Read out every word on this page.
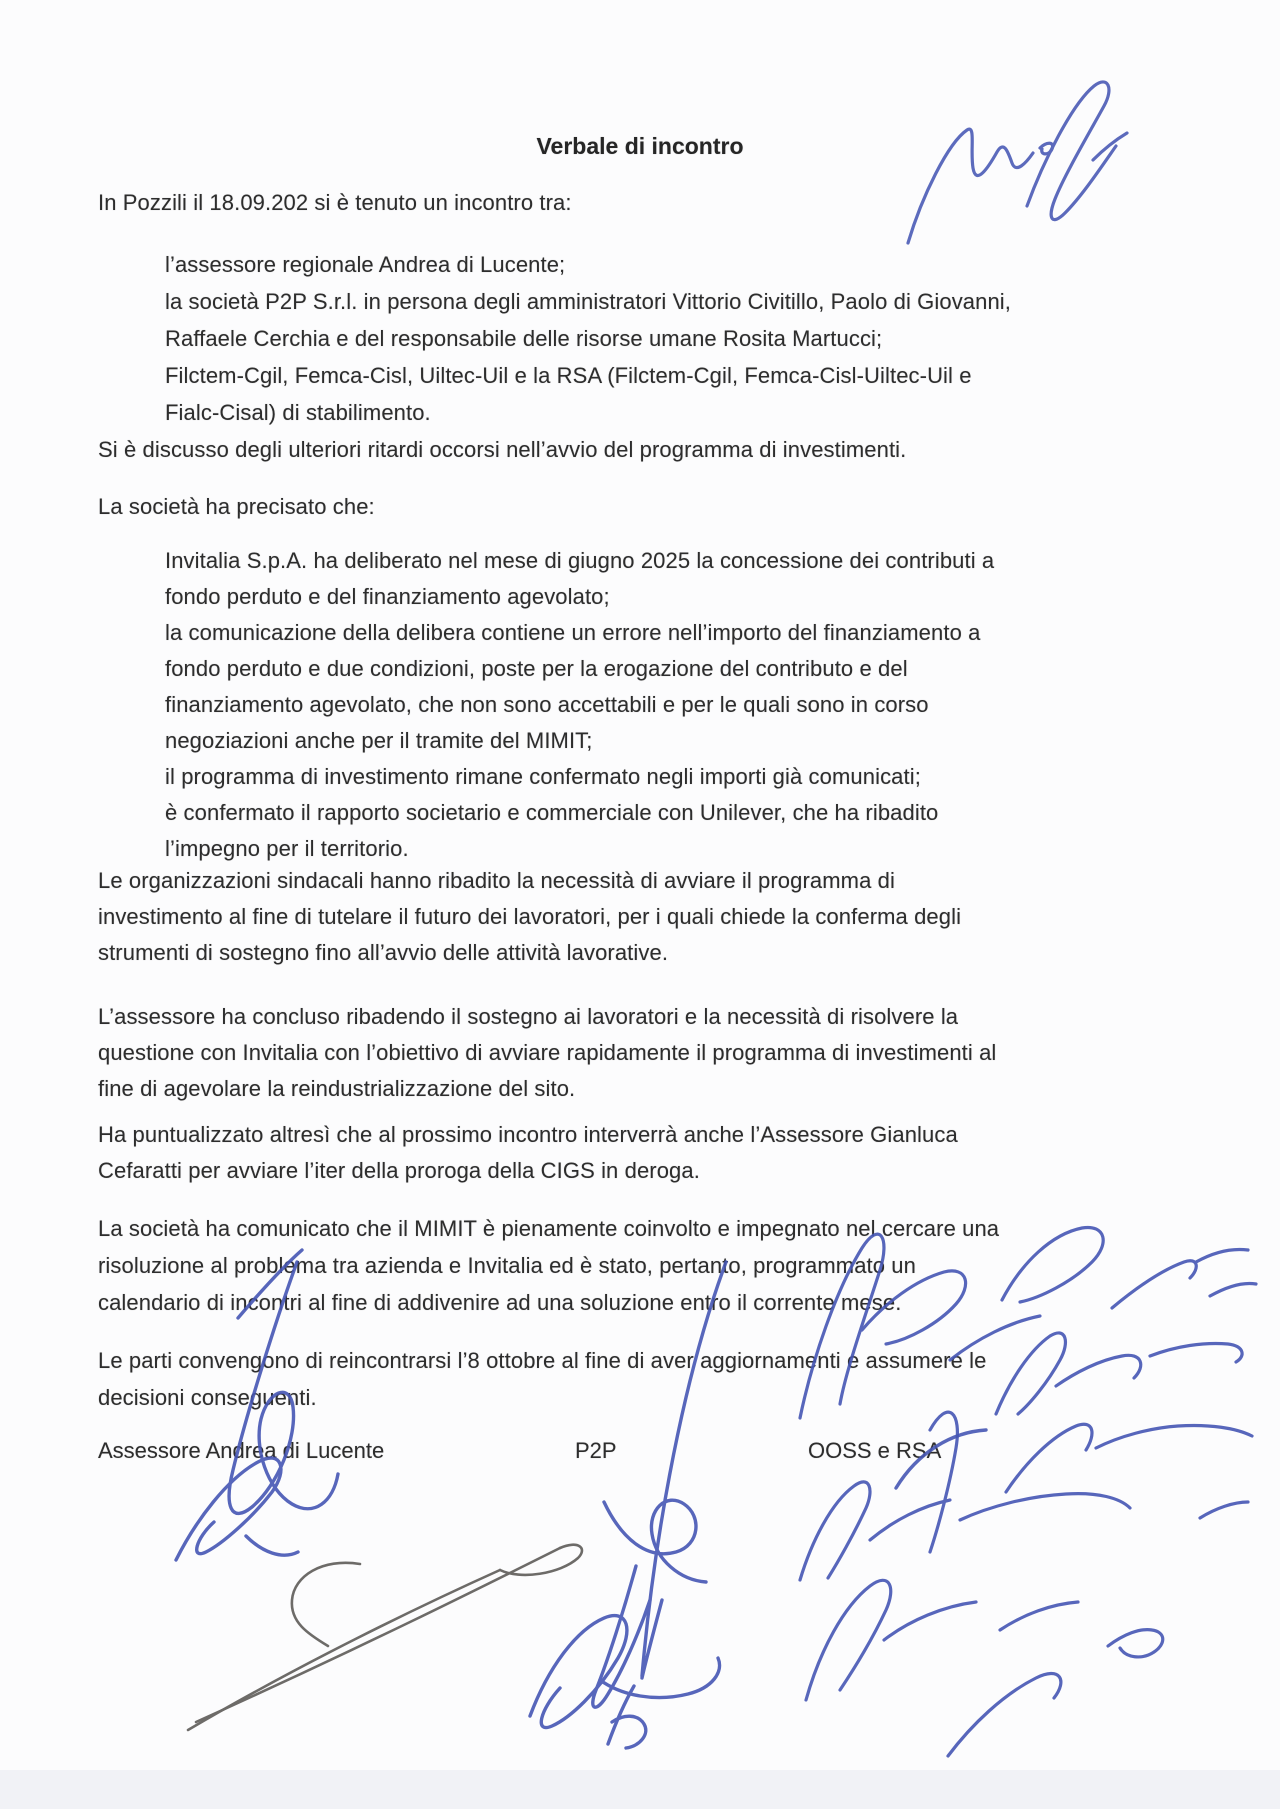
Verbale di incontro
In Pozzili il 18.09.202 si è tenuto un incontro tra:
l’assessore regionale Andrea di Lucente;
la società P2P S.r.l. in persona degli amministratori Vittorio Civitillo, Paolo di Giovanni,
Raffaele Cerchia e del responsabile delle risorse umane Rosita Martucci;
Filctem-Cgil, Femca-Cisl, Uiltec-Uil e la RSA (Filctem-Cgil, Femca-Cisl-Uiltec-Uil e
Fialc-Cisal) di stabilimento.
Si è discusso degli ulteriori ritardi occorsi nell’avvio del programma di investimenti.
La società ha precisato che:
Invitalia S.p.A. ha deliberato nel mese di giugno 2025 la concessione dei contributi a
fondo perduto e del finanziamento agevolato;
la comunicazione della delibera contiene un errore nell’importo del finanziamento a
fondo perduto e due condizioni, poste per la erogazione del contributo e del
finanziamento agevolato, che non sono accettabili e per le quali sono in corso
negoziazioni anche per il tramite del MIMIT;
il programma di investimento rimane confermato negli importi già comunicati;
è confermato il rapporto societario e commerciale con Unilever, che ha ribadito
l’impegno per il territorio.
Le organizzazioni sindacali hanno ribadito la necessità di avviare il programma di
investimento al fine di tutelare il futuro dei lavoratori, per i quali chiede la conferma degli
strumenti di sostegno fino all’avvio delle attività lavorative.
L’assessore ha concluso ribadendo il sostegno ai lavoratori e la necessità di risolvere la
questione con Invitalia con l’obiettivo di avviare rapidamente il programma di investimenti al
fine di agevolare la reindustrializzazione del sito.
Ha puntualizzato altresì che al prossimo incontro interverrà anche l’Assessore Gianluca
Cefaratti per avviare l’iter della proroga della CIGS in deroga.
La società ha comunicato che il MIMIT è pienamente coinvolto e impegnato nel cercare una
risoluzione al problema tra azienda e Invitalia ed è stato, pertanto, programmato un
calendario di incontri al fine di addivenire ad una soluzione entro il corrente mese.
Le parti convengono di reincontrarsi l’8 ottobre al fine di aver aggiornamenti e assumere le
decisioni conseguenti.
Assessore Andrea di Lucente	P2P	OOSS e RSA
